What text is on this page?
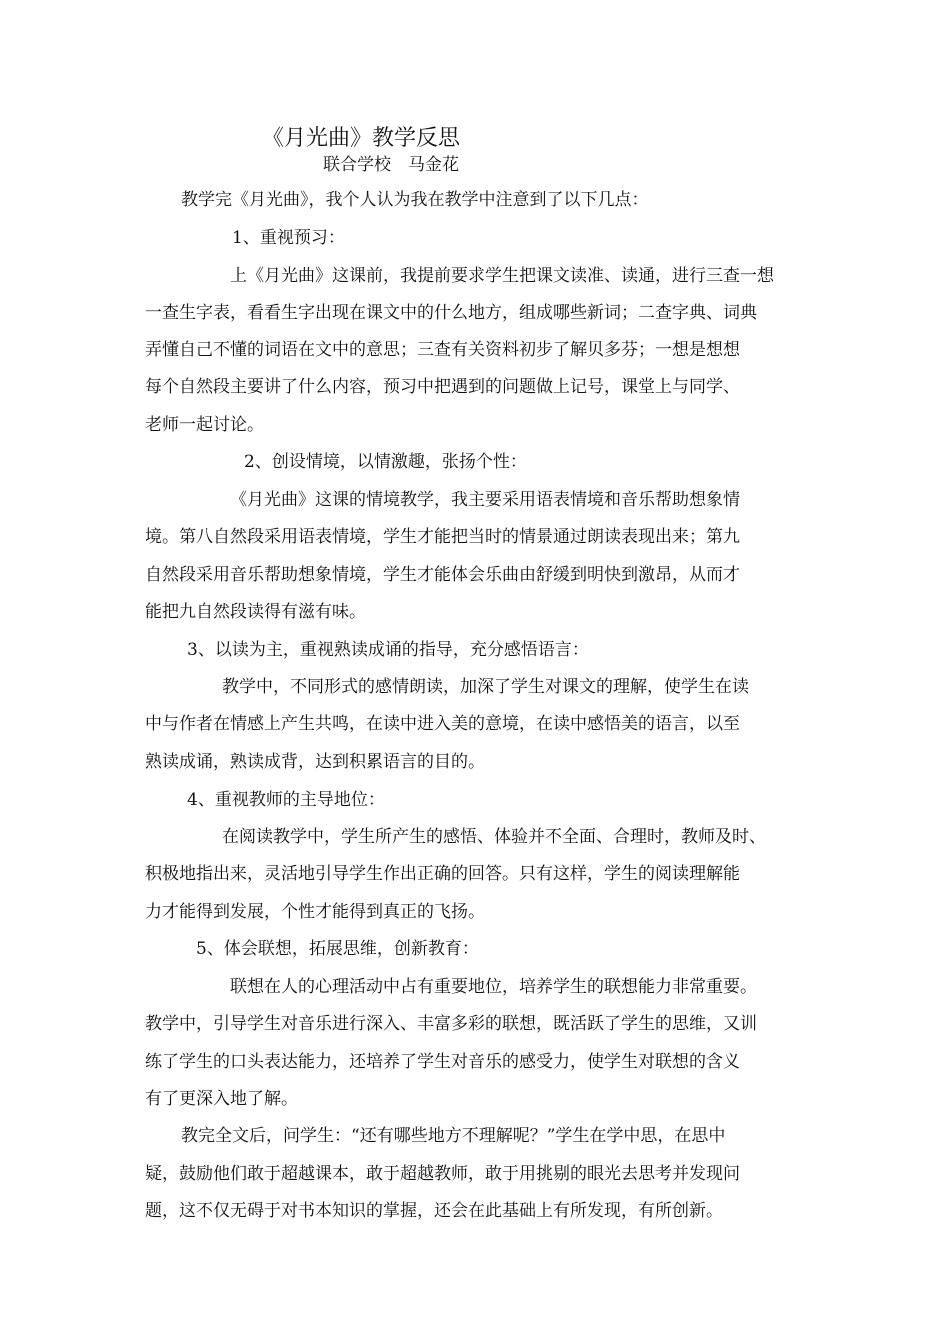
《月光曲》教学反思
联合学校　马金花
教学完《月光曲》，我个人认为我在教学中注意到了以下几点：
1、重视预习：
上《月光曲》这课前，我提前要求学生把课文读准、读通，进行三查一想
一查生字表，看看生字出现在课文中的什么地方，组成哪些新词；二查字典、词典
弄懂自己不懂的词语在文中的意思；三查有关资料初步了解贝多芬；一想是想想
每个自然段主要讲了什么内容，预习中把遇到的问题做上记号，课堂上与同学、
老师一起讨论。
2、创设情境，以情激趣，张扬个性：
《月光曲》这课的情境教学，我主要采用语表情境和音乐帮助想象情
境。第八自然段采用语表情境，学生才能把当时的情景通过朗读表现出来；第九
自然段采用音乐帮助想象情境，学生才能体会乐曲由舒缓到明快到激昂，从而才
能把九自然段读得有滋有味。
3、以读为主，重视熟读成诵的指导，充分感悟语言：
教学中，不同形式的感情朗读，加深了学生对课文的理解，使学生在读
中与作者在情感上产生共鸣，在读中进入美的意境，在读中感悟美的语言，以至
熟读成诵，熟读成背，达到积累语言的目的。
4、重视教师的主导地位：
在阅读教学中，学生所产生的感悟、体验并不全面、合理时，教师及时、
积极地指出来，灵活地引导学生作出正确的回答。只有这样，学生的阅读理解能
力才能得到发展，个性才能得到真正的飞扬。
5、体会联想，拓展思维，创新教育：
联想在人的心理活动中占有重要地位，培养学生的联想能力非常重要。
教学中，引导学生对音乐进行深入、丰富多彩的联想，既活跃了学生的思维，又训
练了学生的口头表达能力，还培养了学生对音乐的感受力，使学生对联想的含义
有了更深入地了解。
教完全文后，问学生：“还有哪些地方不理解呢？”学生在学中思，在思中
疑，鼓励他们敢于超越课本，敢于超越教师，敢于用挑剔的眼光去思考并发现问
题，这不仅无碍于对书本知识的掌握，还会在此基础上有所发现，有所创新。
